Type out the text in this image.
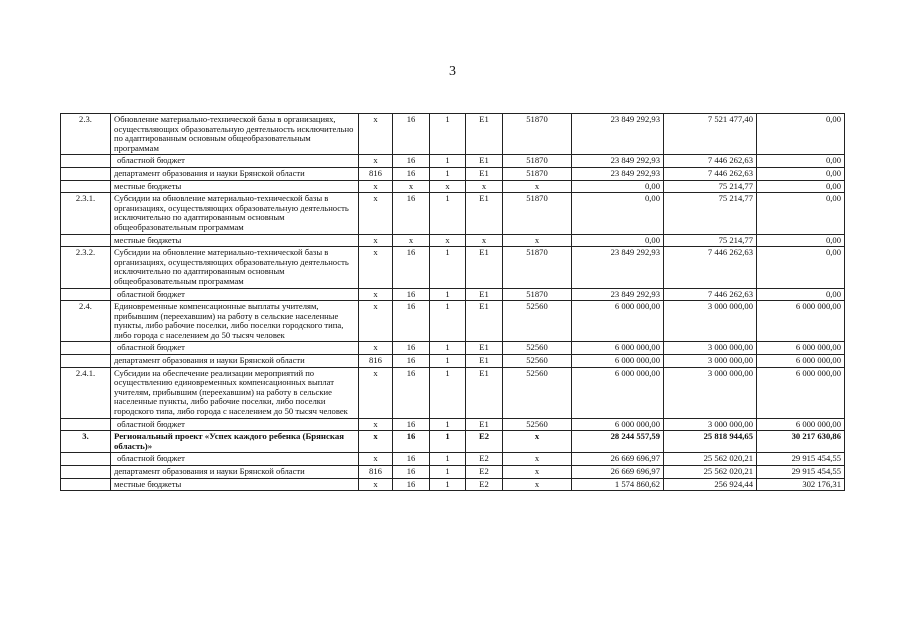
3
2.3.	Обновление материально-технической базы в организациях, осуществляющих образовательную деятельность исключительно по адаптированным основным общеобразовательным программам	x	16	1	E1	51870	23 849 292,93	7 521 477,40	0,00
	областной бюджет	x	16	1	E1	51870	23 849 292,93	7 446 262,63	0,00
	департамент образования и науки Брянской области	816	16	1	E1	51870	23 849 292,93	7 446 262,63	0,00
	местные бюджеты	x	x	x	x	x	0,00	75 214,77	0,00
2.3.1.	Субсидии на обновление материально-технической базы в организациях, осуществляющих образовательную деятельность исключительно по адаптированным основным общеобразовательным программам	x	16	1	E1	51870	0,00	75 214,77	0,00
	местные бюджеты	x	x	x	x	x	0,00	75 214,77	0,00
2.3.2.	Субсидии на обновление материально-технической базы в организациях, осуществляющих образовательную деятельность исключительно по адаптированным основным общеобразовательным программам	x	16	1	E1	51870	23 849 292,93	7 446 262,63	0,00
	областной бюджет	x	16	1	E1	51870	23 849 292,93	7 446 262,63	0,00
2.4.	Единовременные компенсационные выплаты учителям, прибывшим (переехавшим) на работу в сельские населенные пункты, либо рабочие поселки, либо поселки городского типа, либо города с населением до 50 тысяч человек	x	16	1	E1	52560	6 000 000,00	3 000 000,00	6 000 000,00
	областной бюджет	x	16	1	E1	52560	6 000 000,00	3 000 000,00	6 000 000,00
	департамент образования и науки Брянской области	816	16	1	E1	52560	6 000 000,00	3 000 000,00	6 000 000,00
2.4.1.	Субсидии на обеспечение реализации мероприятий по осуществлению единовременных компенсационных выплат учителям, прибывшим (переехавшим) на работу в сельские населенные пункты, либо рабочие поселки, либо поселки городского типа, либо города с населением до 50 тысяч человек	x	16	1	E1	52560	6 000 000,00	3 000 000,00	6 000 000,00
	областной бюджет	x	16	1	E1	52560	6 000 000,00	3 000 000,00	6 000 000,00
3.	Региональный проект «Успех каждого ребенка (Брянская область)»	x	16	1	E2	x	28 244 557,59	25 818 944,65	30 217 630,86
	областной бюджет	x	16	1	E2	x	26 669 696,97	25 562 020,21	29 915 454,55
	департамент образования и науки Брянской области	816	16	1	E2	x	26 669 696,97	25 562 020,21	29 915 454,55
	местные бюджеты	x	16	1	E2	x	1 574 860,62	256 924,44	302 176,31
